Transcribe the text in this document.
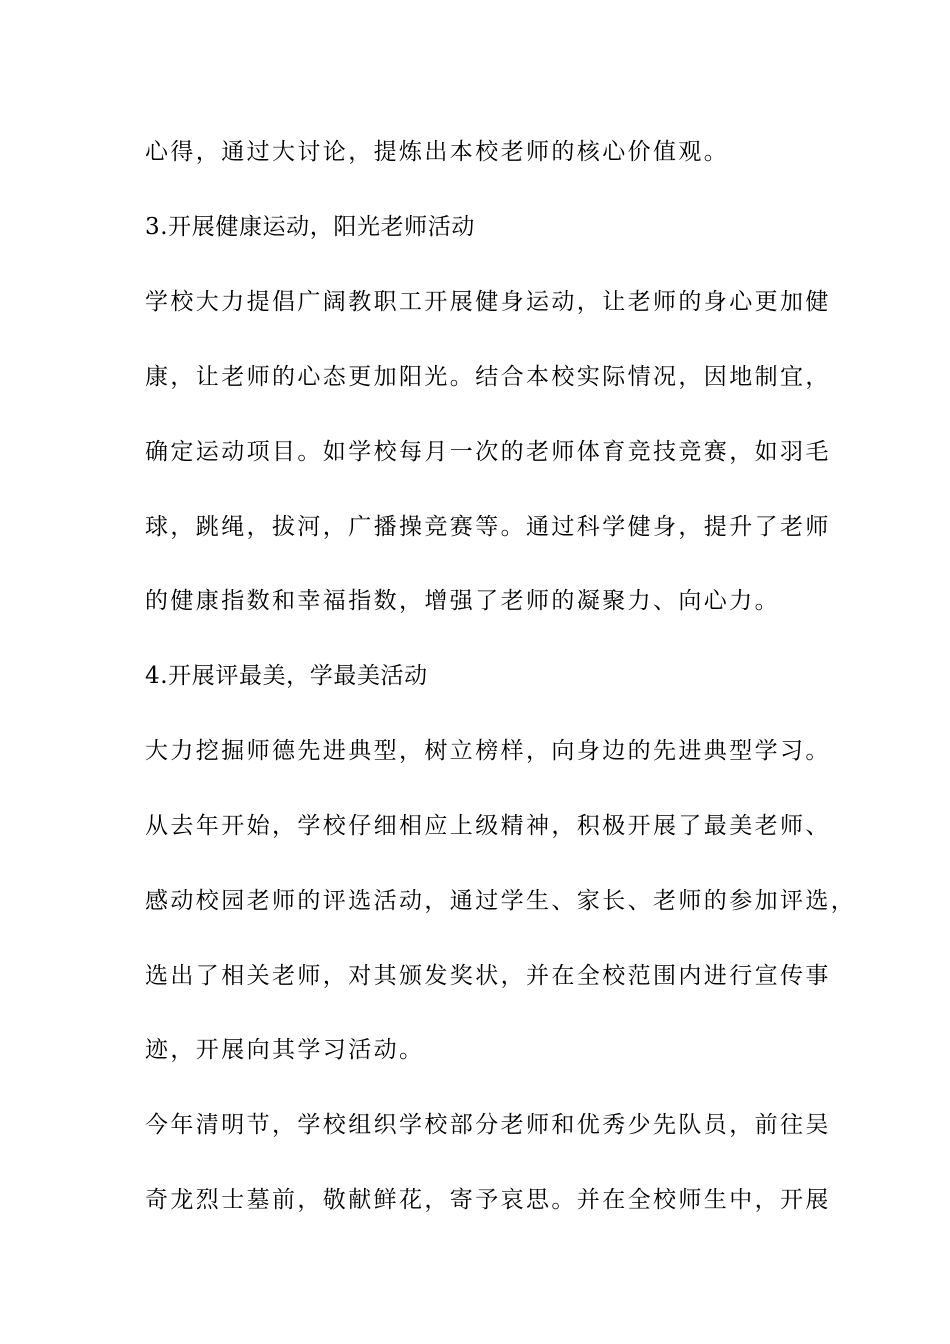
心得，通过大讨论，提炼出本校老师的核心价值观。

3.开展健康运动，阳光老师活动

学校大力提倡广阔教职工开展健身运动，让老师的身心更加健

康，让老师的心态更加阳光。结合本校实际情况，因地制宜，

确定运动项目。如学校每月一次的老师体育竞技竞赛，如羽毛

球，跳绳，拔河，广播操竞赛等。通过科学健身，提升了老师

的健康指数和幸福指数，增强了老师的凝聚力、向心力。

4.开展评最美，学最美活动

大力挖掘师德先进典型，树立榜样，向身边的先进典型学习。

从去年开始，学校仔细相应上级精神，积极开展了最美老师、

感动校园老师的评选活动，通过学生、家长、老师的参加评选，

选出了相关老师，对其颁发奖状，并在全校范围内进行宣传事

迹，开展向其学习活动。

今年清明节，学校组织学校部分老师和优秀少先队员，前往吴

奇龙烈士墓前，敬献鲜花，寄予哀思。并在全校师生中，开展
